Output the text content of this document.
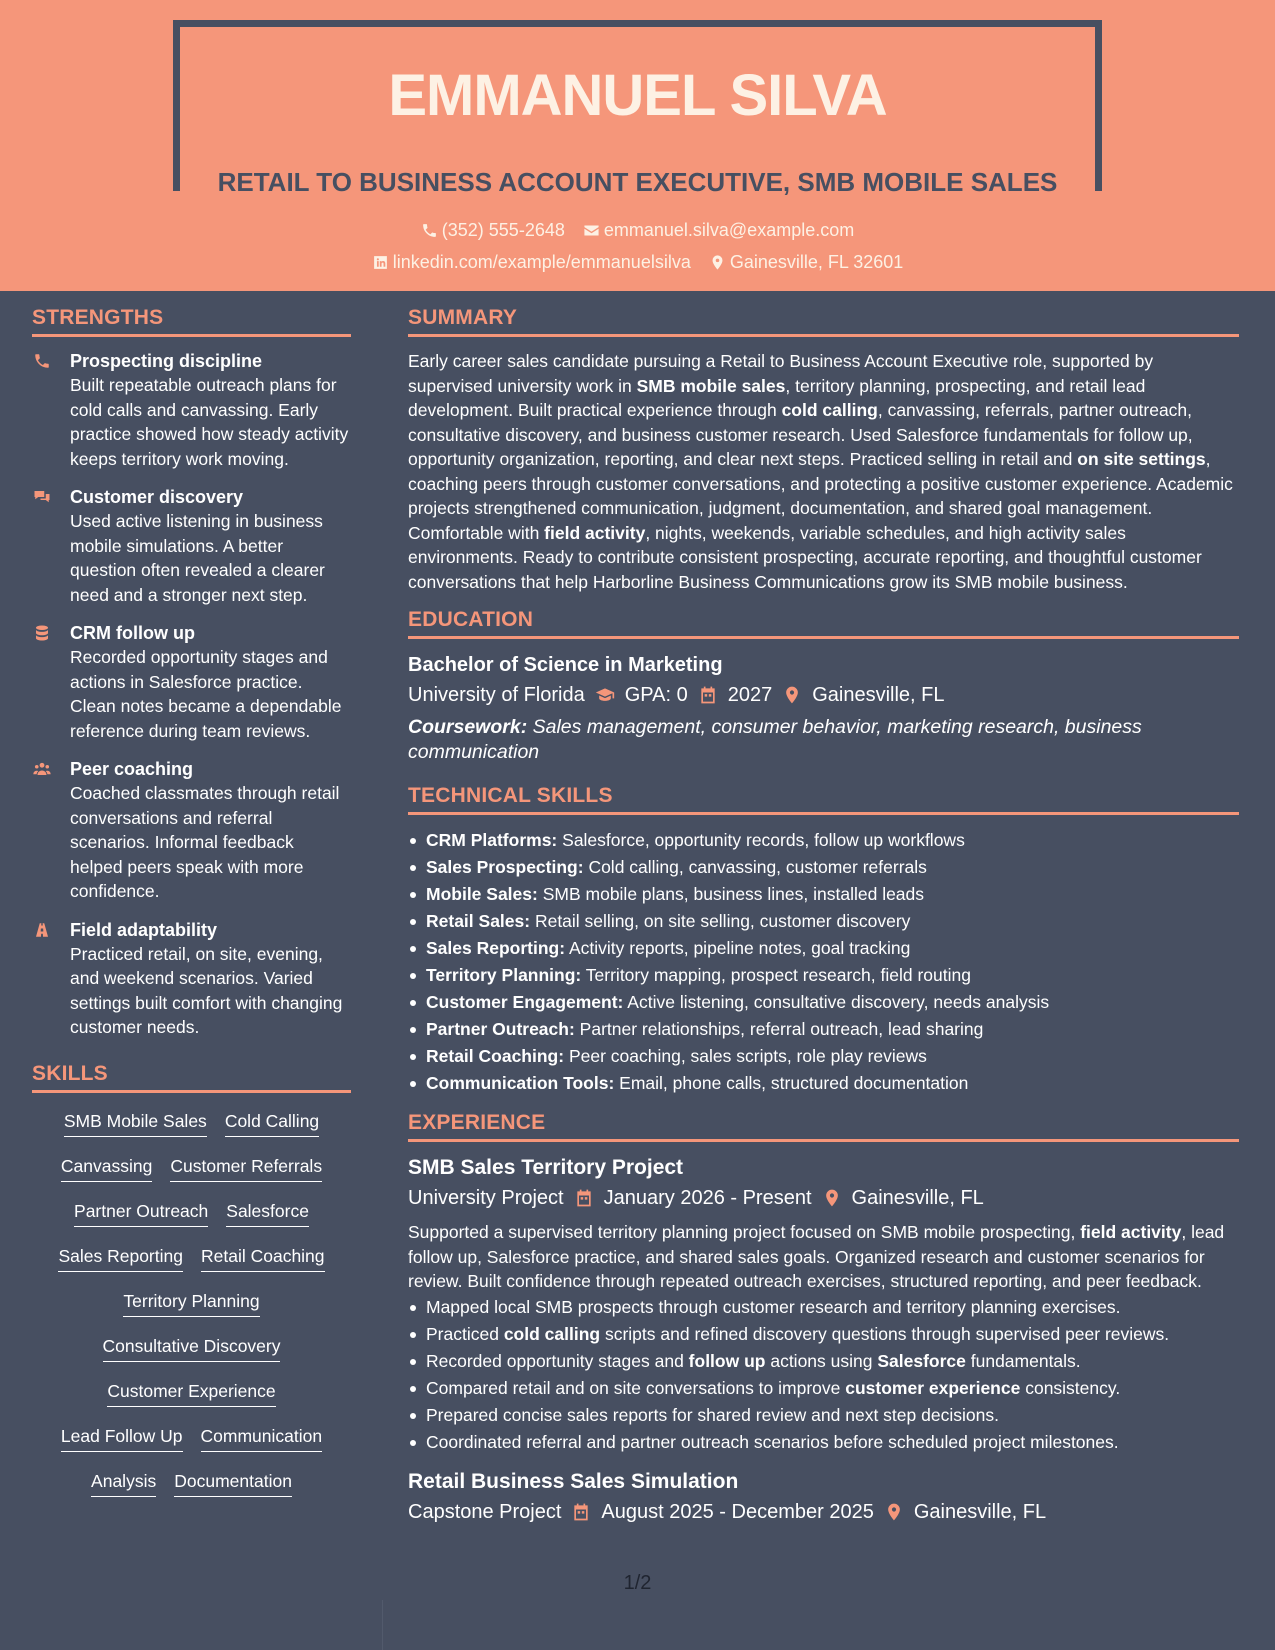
EMMANUEL SILVA
RETAIL TO BUSINESS ACCOUNT EXECUTIVE, SMB MOBILE SALES
(352) 555-2648 emmanuel.silva@example.com
linkedin.com/example/emmanuelsilva Gainesville, FL 32601
STRENGTHS
Prospecting discipline
Built repeatable outreach plans for cold calls and canvassing. Early practice showed how steady activity keeps territory work moving.
Customer discovery
Used active listening in business mobile simulations. A better question often revealed a clearer need and a stronger next step.
CRM follow up
Recorded opportunity stages and actions in Salesforce practice. Clean notes became a dependable reference during team reviews.
Peer coaching
Coached classmates through retail conversations and referral scenarios. Informal feedback helped peers speak with more confidence.
Field adaptability
Practiced retail, on site, evening, and weekend scenarios. Varied settings built comfort with changing customer needs.
SKILLS
SMB Mobile Sales Cold Calling
Canvassing Customer Referrals
Partner Outreach Salesforce
Sales Reporting Retail Coaching
Territory Planning
Consultative Discovery
Customer Experience
Lead Follow Up Communication
Analysis Documentation
SUMMARY

Early career sales candidate pursuing a Retail to Business Account Executive role, supported by supervised university work in SMB mobile sales, territory planning, prospecting, and retail lead development. Built practical experience through cold calling, canvassing, referrals, partner outreach, consultative discovery, and business customer research. Used Salesforce fundamentals for follow up, opportunity organization, reporting, and clear next steps. Practiced selling in retail and on site settings, coaching peers through customer conversations, and protecting a positive customer experience. Academic projects strengthened communication, judgment, documentation, and shared goal management. Comfortable with field activity, nights, weekends, variable schedules, and high activity sales environments. Ready to contribute consistent prospecting, accurate reporting, and thoughtful customer conversations that help Harborline Business Communications grow its SMB mobile business.

EDUCATION
Bachelor of Science in Marketing
University of Florida GPA: 0 2027 Gainesville, FL
Coursework: Sales management, consumer behavior, marketing research, business communication
TECHNICAL SKILLS
CRM Platforms: Salesforce, opportunity records, follow up workflows
Sales Prospecting: Cold calling, canvassing, customer referrals
Mobile Sales: SMB mobile plans, business lines, installed leads
Retail Sales: Retail selling, on site selling, customer discovery
Sales Reporting: Activity reports, pipeline notes, goal tracking
Territory Planning: Territory mapping, prospect research, field routing
Customer Engagement: Active listening, consultative discovery, needs analysis
Partner Outreach: Partner relationships, referral outreach, lead sharing
Retail Coaching: Peer coaching, sales scripts, role play reviews
Communication Tools: Email, phone calls, structured documentation
EXPERIENCE
SMB Sales Territory Project
University Project January 2026 - Present Gainesville, FL

Supported a supervised territory planning project focused on SMB mobile prospecting, field activity, lead follow up, Salesforce practice, and shared sales goals. Organized research and customer scenarios for review. Built confidence through repeated outreach exercises, structured reporting, and peer feedback.

Mapped local SMB prospects through customer research and territory planning exercises.
Practiced cold calling scripts and refined discovery questions through supervised peer reviews.
Recorded opportunity stages and follow up actions using Salesforce fundamentals.
Compared retail and on site conversations to improve customer experience consistency.
Prepared concise sales reports for shared review and next step decisions.
Coordinated referral and partner outreach scenarios before scheduled project milestones.
Retail Business Sales Simulation
Capstone Project August 2025 - December 2025 Gainesville, FL
1/2
